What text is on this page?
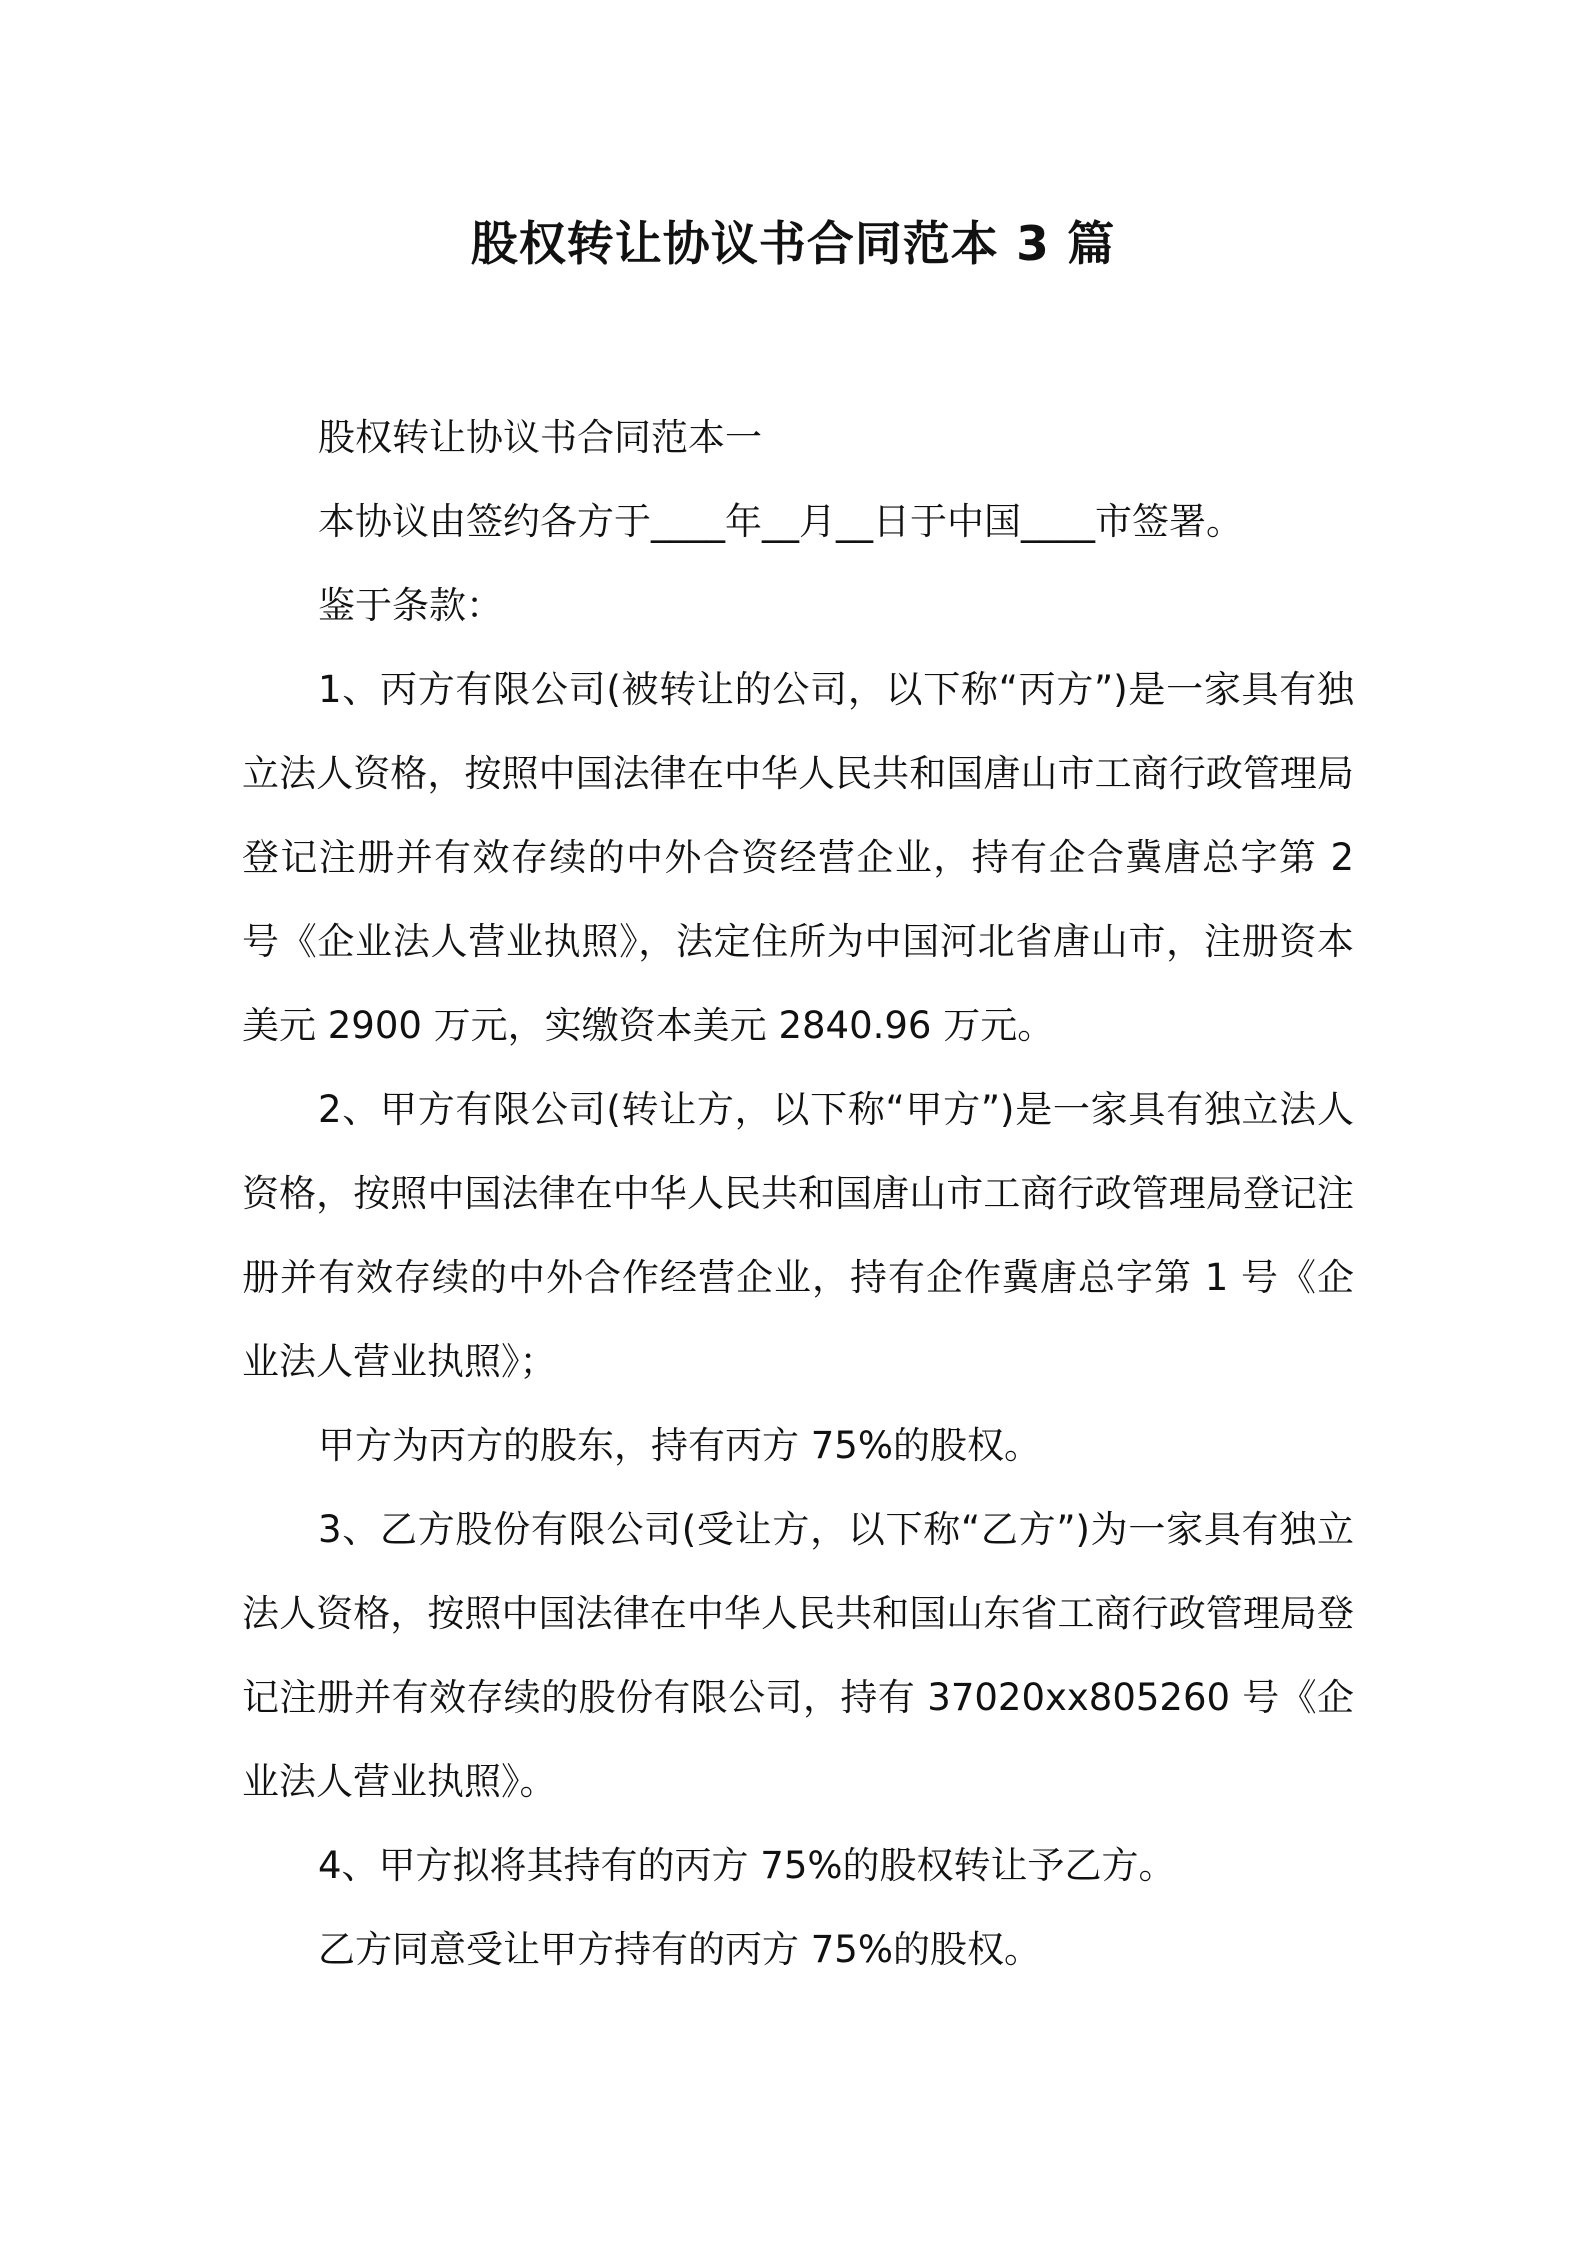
股权转让协议书合同范本 3 篇

股权转让协议书合同范本一

本协议由签约各方于____年__月__日于中国____市签署。

鉴于条款：

1、丙方有限公司(被转让的公司，以下称“丙方”)是一家具有独立法人资格，按照中国法律在中华人民共和国唐山市工商行政管理局登记注册并有效存续的中外合资经营企业，持有企合冀唐总字第 2 号《企业法人营业执照》，法定住所为中国河北省唐山市，注册资本美元 2900 万元，实缴资本美元 2840.96 万元。

2、甲方有限公司(转让方，以下称“甲方”)是一家具有独立法人资格，按照中国法律在中华人民共和国唐山市工商行政管理局登记注册并有效存续的中外合作经营企业，持有企作冀唐总字第 1 号《企业法人营业执照》；

甲方为丙方的股东，持有丙方 75%的股权。

3、乙方股份有限公司(受让方，以下称“乙方”)为一家具有独立法人资格，按照中国法律在中华人民共和国山东省工商行政管理局登记注册并有效存续的股份有限公司，持有 37020xx805260 号《企业法人营业执照》。

4、甲方拟将其持有的丙方 75%的股权转让予乙方。

乙方同意受让甲方持有的丙方 75%的股权。
